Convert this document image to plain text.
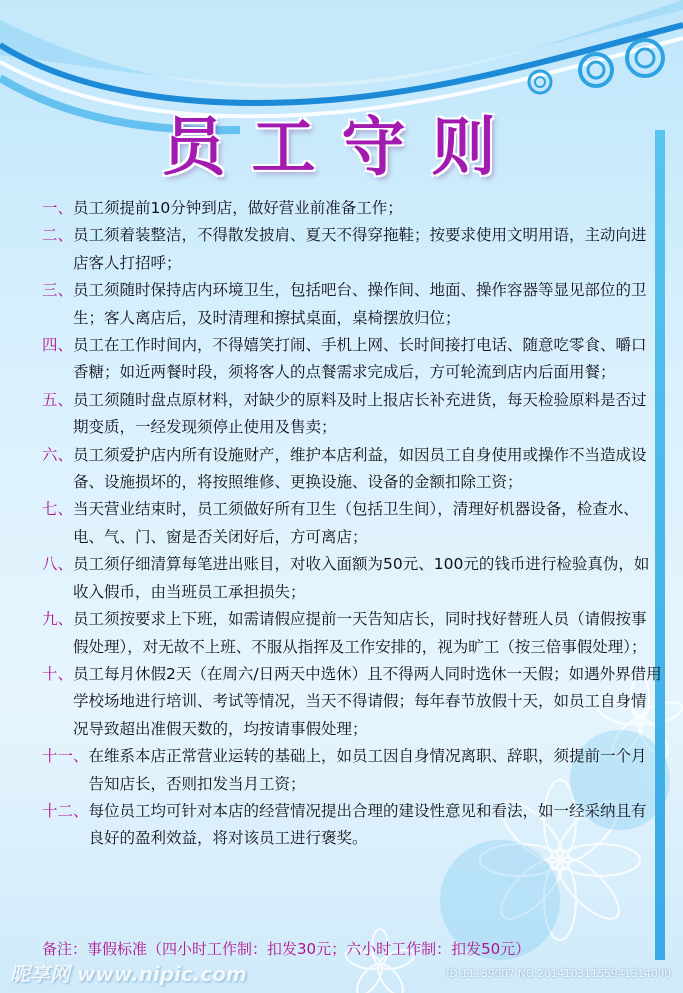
员工守则
一、 员工须提前10分钟到店，做好营业前准备工作；
二、 员工须着装整洁，不得散发披肩、夏天不得穿拖鞋；按要求使用文明用语，主动向进店客人打招呼；
三、 员工须随时保持店内环境卫生，包括吧台、操作间、地面、操作容器等显见部位的卫生；客人离店后，及时清理和擦拭桌面，桌椅摆放归位；
四、 员工在工作时间内，不得嬉笑打闹、手机上网、长时间接打电话、随意吃零食、嚼口香糖；如近两餐时段，须将客人的点餐需求完成后，方可轮流到店内后面用餐；
五、 员工须随时盘点原材料，对缺少的原料及时上报店长补充进货，每天检验原料是否过期变质，一经发现须停止使用及售卖；
六、 员工须爱护店内所有设施财产，维护本店利益，如因员工自身使用或操作不当造成设备、设施损坏的，将按照维修、更换设施、设备的金额扣除工资；
七、 当天营业结束时，员工须做好所有卫生（包括卫生间），清理好机器设备，检查水、电、气、门、窗是否关闭好后，方可离店；
八、 员工须仔细清算每笔进出账目，对收入面额为50元、100元的钱币进行检验真伪，如收入假币，由当班员工承担损失；
九、 员工须按要求上下班，如需请假应提前一天告知店长，同时找好替班人员（请假按事假处理），对无故不上班、不服从指挥及工作安排的，视为旷工（按三倍事假处理）；
十、 员工每月休假2天（在周六/日两天中选休）且不得两人同时选休一天假；如遇外界借用学校场地进行培训、考试等情况，当天不得请假；每年春节放假十天，如员工自身情况导致超出准假天数的，均按请事假处理；
十一、 在维系本店正常营业运转的基础上，如员工因自身情况离职、辞职，须提前一个月告知店长，否则扣发当月工资；
十二、 每位员工均可针对本店的经营情况提出合理的建设性意见和看法，如一经采纳且有良好的盈利效益，将对该员工进行褒奖。
备注：事假标准（四小时工作制：扣发30元；六小时工作制：扣发50元）
昵享网 www.nipic.com	ID:11139007 NO:20141031155941314000
